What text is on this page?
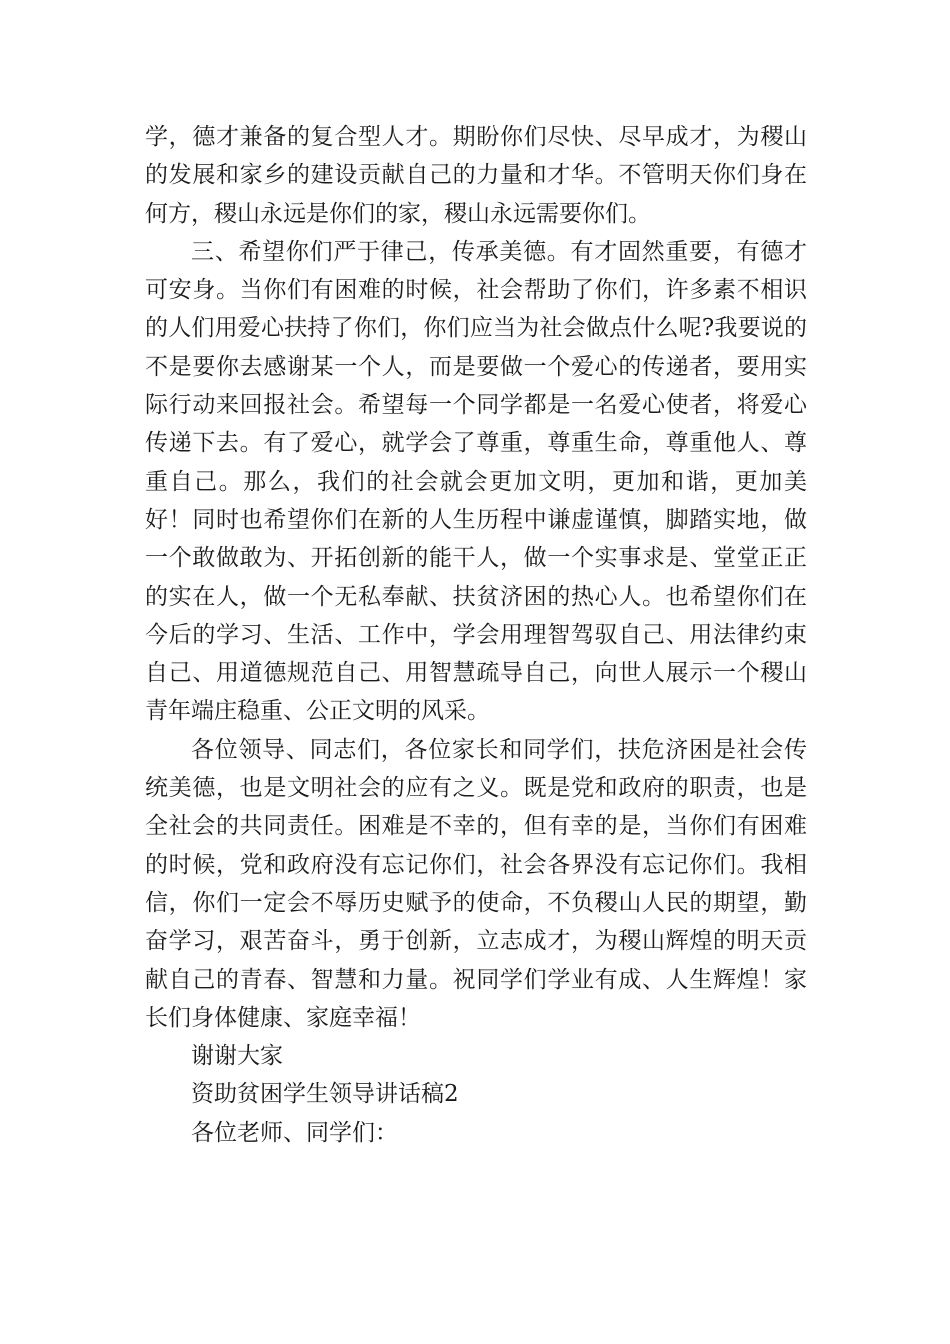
学，德才兼备的复合型人才。期盼你们尽快、尽早成才，为稷山的发展和家乡的建设贡献自己的力量和才华。不管明天你们身在何方，稷山永远是你们的家，稷山永远需要你们。

三、希望你们严于律己，传承美德。有才固然重要，有德才可安身。当你们有困难的时候，社会帮助了你们，许多素不相识的人们用爱心扶持了你们，你们应当为社会做点什么呢?我要说的不是要你去感谢某一个人，而是要做一个爱心的传递者，要用实际行动来回报社会。希望每一个同学都是一名爱心使者，将爱心传递下去。有了爱心，就学会了尊重，尊重生命，尊重他人、尊重自己。那么，我们的社会就会更加文明，更加和谐，更加美好！同时也希望你们在新的人生历程中谦虚谨慎，脚踏实地，做一个敢做敢为、开拓创新的能干人，做一个实事求是、堂堂正正的实在人，做一个无私奉献、扶贫济困的热心人。也希望你们在今后的学习、生活、工作中，学会用理智驾驭自己、用法律约束自己、用道德规范自己、用智慧疏导自己，向世人展示一个稷山青年端庄稳重、公正文明的风采。

各位领导、同志们，各位家长和同学们，扶危济困是社会传统美德，也是文明社会的应有之义。既是党和政府的职责，也是全社会的共同责任。困难是不幸的，但有幸的是，当你们有困难的时候，党和政府没有忘记你们，社会各界没有忘记你们。我相信，你们一定会不辱历史赋予的使命，不负稷山人民的期望，勤奋学习，艰苦奋斗，勇于创新，立志成才，为稷山辉煌的明天贡献自己的青春、智慧和力量。祝同学们学业有成、人生辉煌！家长们身体健康、家庭幸福！

谢谢大家

资助贫困学生领导讲话稿2

各位老师、同学们：
